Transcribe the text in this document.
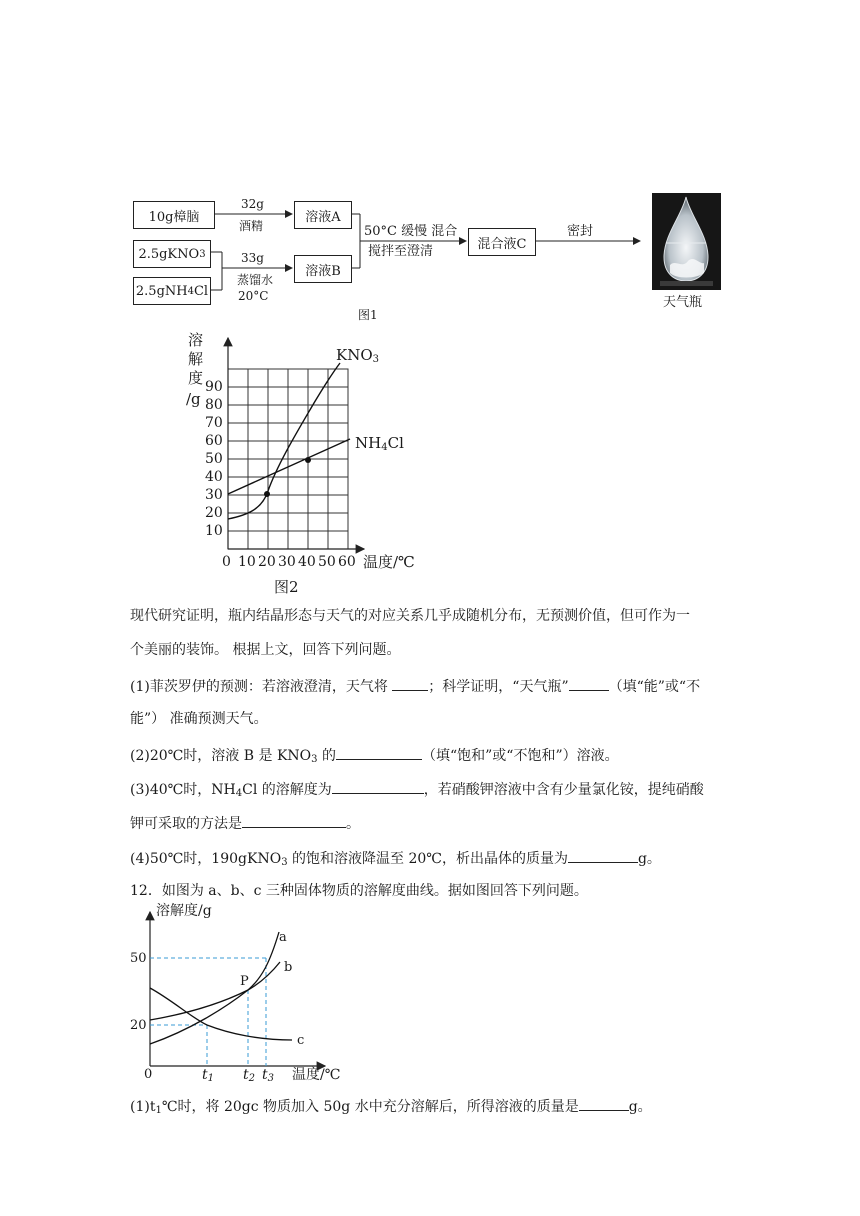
10g樟脑
2.5gKNO 3
2.5gNH 4 Cl
32g
酒精
33g
蒸馏水
20°C
溶液A
溶液B
50°C 缓慢 混合
搅拌至澄清	混合液C
密封
天气瓶
图1
溶
解
度
/g
90
80
70
60
50
40
30
20
10
0 10 20 30 40 50 60 温度/℃
$KNO_3$
$NH_4Cl$
图2
现代研究证明，瓶内结晶形态与天气的对应关系几乎成随机分布，无预测价值，但可作为一
个美丽的装饰。 根据上文，回答下列问题。
(1)菲茨罗伊的预测：若溶液澄清，天气将	；科学证明，“天气瓶”	（填“能”或“不
能”） 准确预测天气。
(2)20℃时，溶液 B 是 $KNO_3$ 的	（填“饱和”或“不饱和”）溶液。
(3)40℃时，$NH_4Cl$ 的溶解度为	，若硝酸钾溶液中含有少量氯化铵，提纯硝酸
钾可采取的方法是	。
(4)50℃时，190gKNO$_3$ 的饱和溶液降温至 20℃，析出晶体的质量为	g。
12．如图为 a、b、c 三种固体物质的溶解度曲线。据如图回答下列问题。
溶解度/g
50
20
0	$t_1$ $t_2$ $t_3$ 温度/℃
a
b
c
P
$(1)t_1℃$时，将 20gc 物质加入 50g 水中充分溶解后，所得溶液的质量是	g。
